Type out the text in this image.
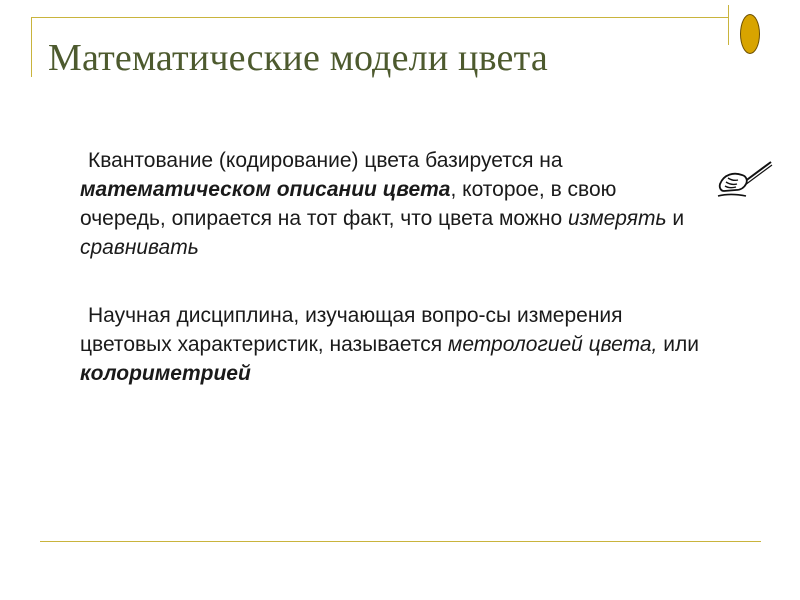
Математические модели цвета

Квантование (кодирование) цвета базируется на математическом описании цвета, которое, в свою очередь, опирается на тот факт, что цвета можно измерять и сравнивать

Научная дисциплина, изучающая вопро-сы измерения цветовых характеристик, называется метрологией цвета, или колориметрией
